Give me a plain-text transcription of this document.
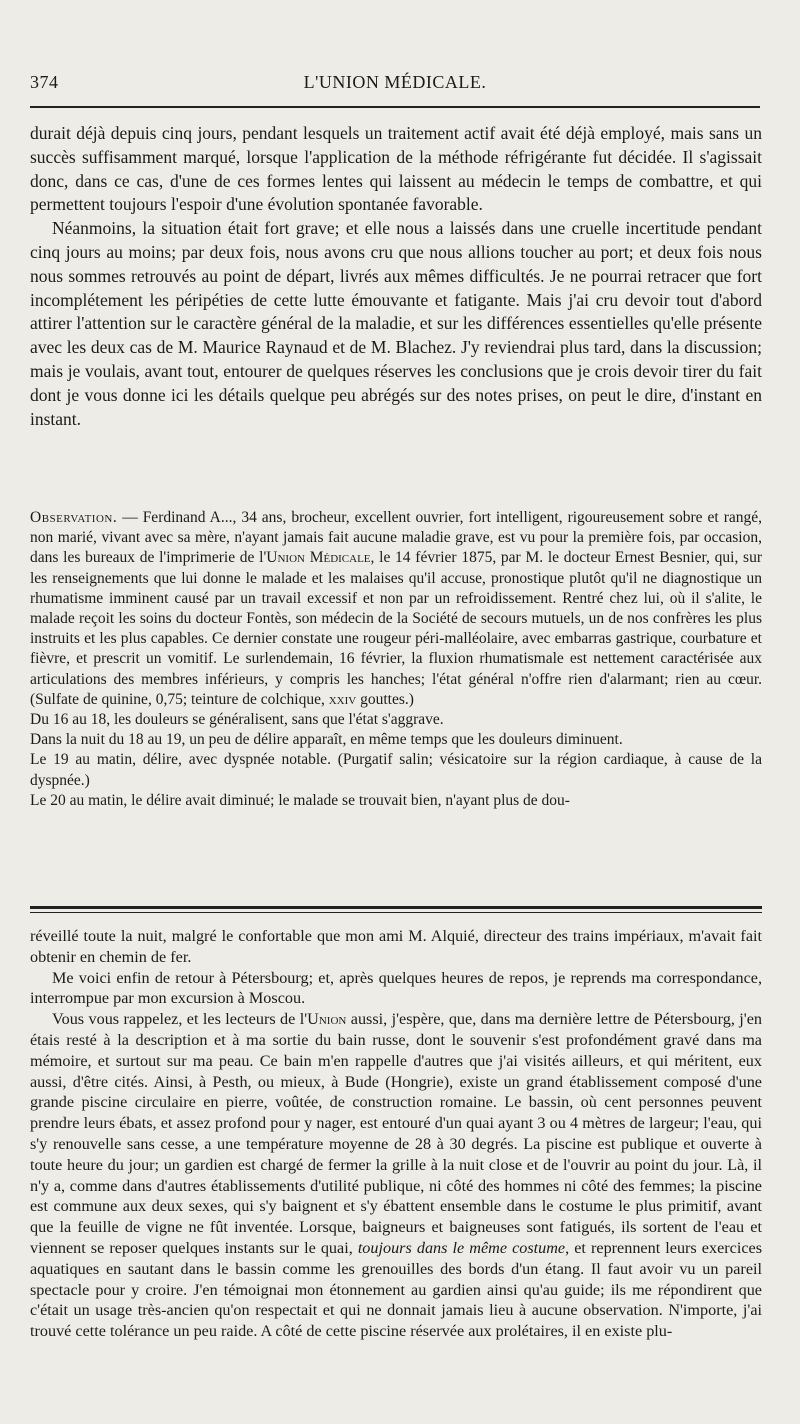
374	L'UNION MÉDICALE.

durait déjà depuis cinq jours, pendant lesquels un traitement actif avait été déjà employé, mais sans un succès suffisamment marqué, lorsque l'application de la méthode réfrigérante fut décidée. Il s'agissait donc, dans ce cas, d'une de ces formes lentes qui laissent au médecin le temps de combattre, et qui permettent toujours l'espoir d'une évolution spontanée favorable.

Néanmoins, la situation était fort grave; et elle nous a laissés dans une cruelle incertitude pendant cinq jours au moins; par deux fois, nous avons cru que nous allions toucher au port; et deux fois nous nous sommes retrouvés au point de départ, livrés aux mêmes difficultés. Je ne pourrai retracer que fort incomplétement les péripéties de cette lutte émouvante et fatigante. Mais j'ai cru devoir tout d'abord attirer l'attention sur le caractère général de la maladie, et sur les différences essentielles qu'elle présente avec les deux cas de M. Maurice Raynaud et de M. Blachez. J'y reviendrai plus tard, dans la discussion; mais je voulais, avant tout, entourer de quelques réserves les conclusions que je crois devoir tirer du fait dont je vous donne ici les détails quelque peu abrégés sur des notes prises, on peut le dire, d'instant en instant.

Observation. — Ferdinand A..., 34 ans, brocheur, excellent ouvrier, fort intelligent, rigoureusement sobre et rangé, non marié, vivant avec sa mère, n'ayant jamais fait aucune maladie grave, est vu pour la première fois, par occasion, dans les bureaux de l'imprimerie de l'Union Médicale, le 14 février 1875, par M. le docteur Ernest Besnier, qui, sur les renseignements que lui donne le malade et les malaises qu'il accuse, pronostique plutôt qu'il ne diagnostique un rhumatisme imminent causé par un travail excessif et non par un refroidissement. Rentré chez lui, où il s'alite, le malade reçoit les soins du docteur Fontès, son médecin de la Société de secours mutuels, un de nos confrères les plus instruits et les plus capables. Ce dernier constate une rougeur péri-malléolaire, avec embarras gastrique, courbature et fièvre, et prescrit un vomitif. Le surlendemain, 16 février, la fluxion rhumatismale est nettement caractérisée aux articulations des membres inférieurs, y compris les hanches; l'état général n'offre rien d'alarmant; rien au cœur. (Sulfate de quinine, 0,75; teinture de colchique, xxiv gouttes.)

Du 16 au 18, les douleurs se généralisent, sans que l'état s'aggrave.

Dans la nuit du 18 au 19, un peu de délire apparaît, en même temps que les douleurs diminuent.

Le 19 au matin, délire, avec dyspnée notable. (Purgatif salin; vésicatoire sur la région cardiaque, à cause de la dyspnée.)

Le 20 au matin, le délire avait diminué; le malade se trouvait bien, n'ayant plus de dou-

réveillé toute la nuit, malgré le confortable que mon ami M. Alquié, directeur des trains impériaux, m'avait fait obtenir en chemin de fer.

Me voici enfin de retour à Pétersbourg; et, après quelques heures de repos, je reprends ma correspondance, interrompue par mon excursion à Moscou.

Vous vous rappelez, et les lecteurs de l'Union aussi, j'espère, que, dans ma dernière lettre de Pétersbourg, j'en étais resté à la description et à ma sortie du bain russe, dont le souvenir s'est profondément gravé dans ma mémoire, et surtout sur ma peau. Ce bain m'en rappelle d'autres que j'ai visités ailleurs, et qui méritent, eux aussi, d'être cités. Ainsi, à Pesth, ou mieux, à Bude (Hongrie), existe un grand établissement composé d'une grande piscine circulaire en pierre, voûtée, de construction romaine. Le bassin, où cent personnes peuvent prendre leurs ébats, et assez profond pour y nager, est entouré d'un quai ayant 3 ou 4 mètres de largeur; l'eau, qui s'y renouvelle sans cesse, a une température moyenne de 28 à 30 degrés. La piscine est publique et ouverte à toute heure du jour; un gardien est chargé de fermer la grille à la nuit close et de l'ouvrir au point du jour. Là, il n'y a, comme dans d'autres établissements d'utilité publique, ni côté des hommes ni côté des femmes; la piscine est commune aux deux sexes, qui s'y baignent et s'y ébattent ensemble dans le costume le plus primitif, avant que la feuille de vigne ne fût inventée. Lorsque, baigneurs et baigneuses sont fatigués, ils sortent de l'eau et viennent se reposer quelques instants sur le quai, toujours dans le même costume, et reprennent leurs exercices aquatiques en sautant dans le bassin comme les grenouilles des bords d'un étang. Il faut avoir vu un pareil spectacle pour y croire. J'en témoignai mon étonnement au gardien ainsi qu'au guide; ils me répondirent que c'était un usage très-ancien qu'on respectait et qui ne donnait jamais lieu à aucune observation. N'importe, j'ai trouvé cette tolérance un peu raide. A côté de cette piscine réservée aux prolétaires, il en existe plu-
